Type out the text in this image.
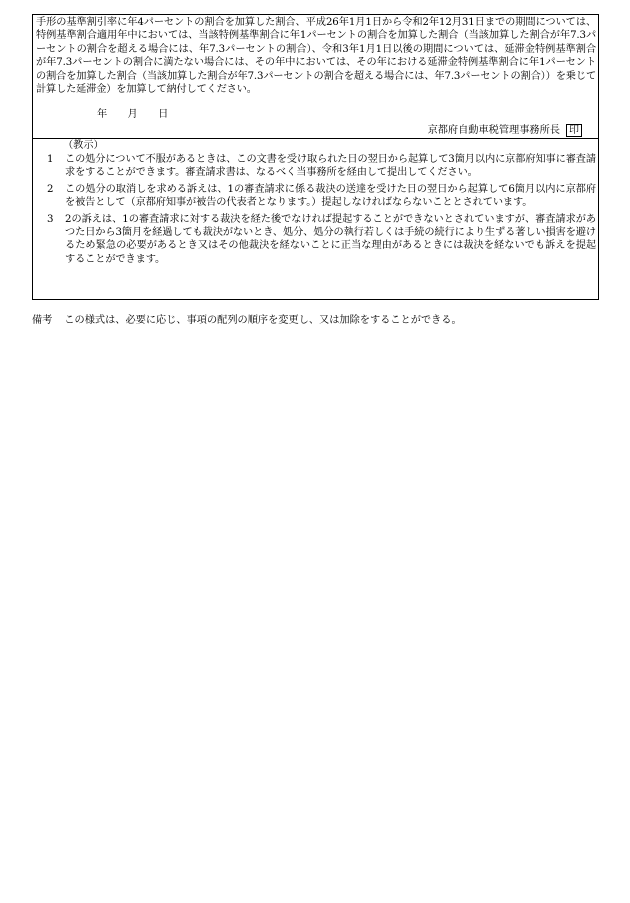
手形の基準割引率に年4パーセントの割合を加算した割合、平成26年1月1日から令和2年12月31日までの期間については、特例基準割合適用年中においては、当該特例基準割合に年1パーセントの割合を加算した割合（当該加算した割合が年7.3パーセントの割合を超える場合には、年7.3パーセントの割合）、令和3年1月1日以後の期間については、延滞金特例基準割合が年7.3パーセントの割合に満たない場合には、その年中においては、その年における延滞金特例基準割合に年1パーセントの割合を加算した割合（当該加算した割合が年7.3パーセントの割合を超える場合には、年7.3パーセントの割合））を乗じて計算した延滞金）を加算して納付してください。

年　　月　　日

京都府自動車税管理事務所長 印

（教示）

1	この処分について不服があるときは、この文書を受け取られた日の翌日から起算して3箇月以内に京都府知事に審査請求をすることができます。審査請求書は、なるべく当事務所を経由して提出してください。
2	この処分の取消しを求める訴えは、1の審査請求に係る裁決の送達を受けた日の翌日から起算して6箇月以内に京都府を被告として（京都府知事が被告の代表者となります。）提起しなければならないこととされています。
3	2の訴えは、1の審査請求に対する裁決を経た後でなければ提起することができないとされていますが、審査請求があつた日から3箇月を経過しても裁決がないとき、処分、処分の執行若しくは手続の続行により生ずる著しい損害を避けるため緊急の必要があるとき又はその他裁決を経ないことに正当な理由があるときには裁決を経ないでも訴えを提起することができます。

備考 この様式は、必要に応じ、事項の配列の順序を変更し、又は加除をすることができる。
